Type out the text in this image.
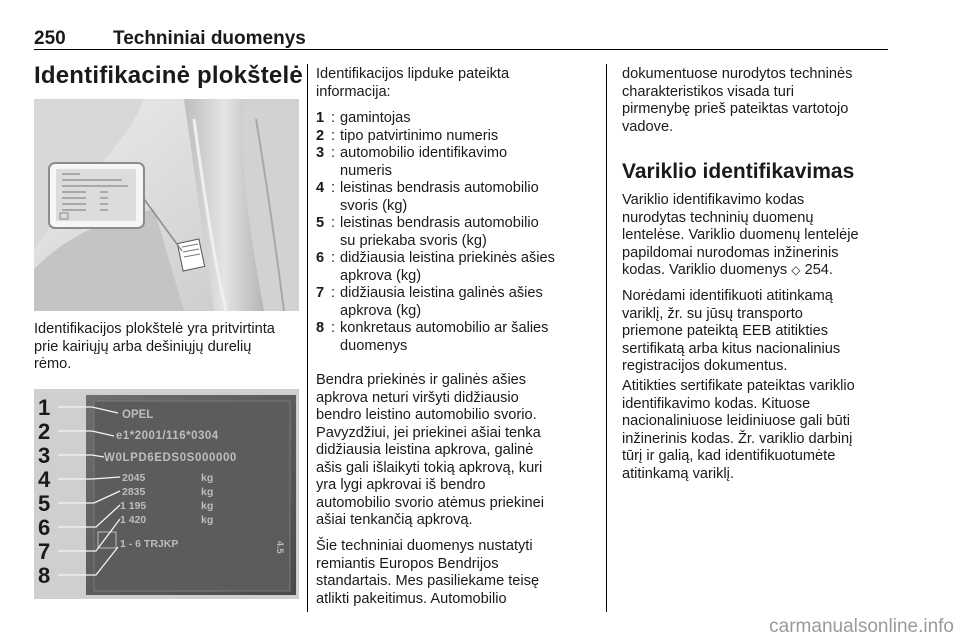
250 Techniniai duomenys
Identifikacinė plokštelė

Identifikacijos plokštelė yra pritvirtinta
prie kairiųjų arba dešiniųjų durelių
rėmo.

OPEL
e1*2001/116*0304
W0LPD6EDS0S000000
2045	kg
2835	kg
1 195	kg
1 420	kg
1 - 6 TRJKP	4.5
1
2
3
4
5
6
7
8

Identifikacijos lipduke pateikta
informacija:

1 : gamintojas
2 : tipo patvirtinimo numeris
3 : automobilio identifikavimo
numeris
4 : leistinas bendrasis automobilio
svoris (kg)
5 : leistinas bendrasis automobilio
su priekaba svoris (kg)
6 : didžiausia leistina priekinės ašies
apkrova (kg)
7 : didžiausia leistina galinės ašies
apkrova (kg)
8 : konkretaus automobilio ar šalies
duomenys

Bendra priekinės ir galinės ašies
apkrova neturi viršyti didžiausio
bendro leistino automobilio svorio.
Pavyzdžiui, jei priekinei ašiai tenka
didžiausia leistina apkrova, galinė
ašis gali išlaikyti tokią apkrovą, kuri
yra lygi apkrovai iš bendro
automobilio svorio atėmus priekinei
ašiai tenkančią apkrovą.

Šie techniniai duomenys nustatyti
remiantis Europos Bendrijos
standartais. Mes pasiliekame teisę
atlikti pakeitimus. Automobilio

dokumentuose nurodytos techninės
charakteristikos visada turi
pirmenybę prieš pateiktas vartotojo
vadove.

Variklio identifikavimas

Variklio identifikavimo kodas
nurodytas techninių duomenų
lentelėse. Variklio duomenų lentelėje
papildomai nurodomas inžinerinis
kodas. Variklio duomenys ◇ 254.

Norėdami identifikuoti atitinkamą
variklį, žr. su jūsų transporto
priemone pateiktą EEB atitikties
sertifikatą arba kitus nacionalinius
registracijos dokumentus.

Atitikties sertifikate pateiktas variklio
identifikavimo kodas. Kituose
nacionaliniuose leidiniuose gali būti
inžinerinis kodas. Žr. variklio darbinį
tūrį ir galią, kad identifikuotumėte
atitinkamą variklį.

carmanualsonline.info
